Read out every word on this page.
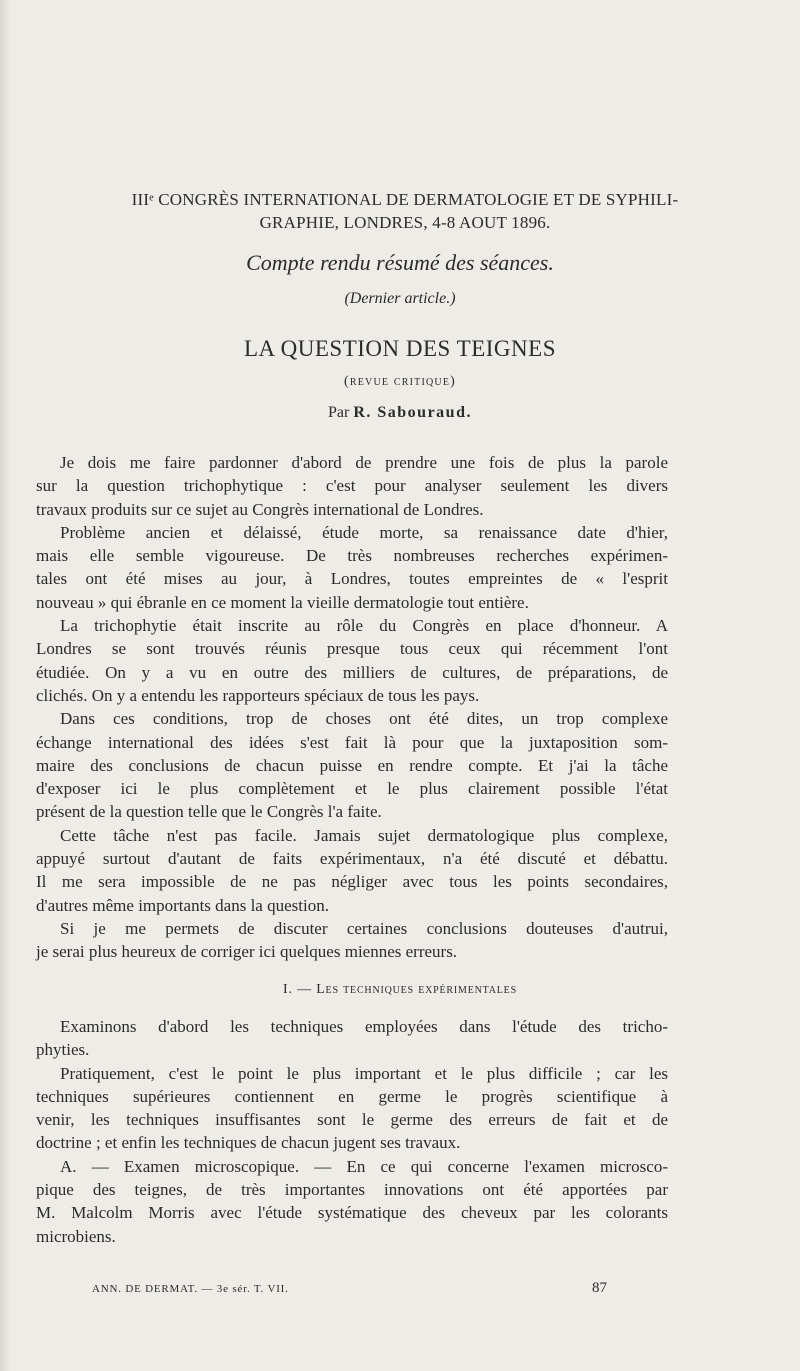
IIIᵉ CONGRÈS INTERNATIONAL DE DERMATOLOGIE ET DE SYPHILI-
GRAPHIE, LONDRES, 4-8 AOUT 1896.
Compte rendu résumé des séances.
(Dernier article.)
LA QUESTION DES TEIGNES
(revue critique)
Par R. Sabouraud.
Je dois me faire pardonner d'abord de prendre une fois de plus la parole
sur la question trichophytique : c'est pour analyser seulement les divers
travaux produits sur ce sujet au Congrès international de Londres.
Problème ancien et délaissé, étude morte, sa renaissance date d'hier,
mais elle semble vigoureuse. De très nombreuses recherches expérimen-
tales ont été mises au jour, à Londres, toutes empreintes de « l'esprit
nouveau » qui ébranle en ce moment la vieille dermatologie tout entière.
La trichophytie était inscrite au rôle du Congrès en place d'honneur. A
Londres se sont trouvés réunis presque tous ceux qui récemment l'ont
étudiée. On y a vu en outre des milliers de cultures, de préparations, de
clichés. On y a entendu les rapporteurs spéciaux de tous les pays.
Dans ces conditions, trop de choses ont été dites, un trop complexe
échange international des idées s'est fait là pour que la juxtaposition som-
maire des conclusions de chacun puisse en rendre compte. Et j'ai la tâche
d'exposer ici le plus complètement et le plus clairement possible l'état
présent de la question telle que le Congrès l'a faite.
Cette tâche n'est pas facile. Jamais sujet dermatologique plus complexe,
appuyé surtout d'autant de faits expérimentaux, n'a été discuté et débattu.
Il me sera impossible de ne pas négliger avec tous les points secondaires,
d'autres même importants dans la question.
Si je me permets de discuter certaines conclusions douteuses d'autrui,
je serai plus heureux de corriger ici quelques miennes erreurs.
I. — Les techniques expérimentales
Examinons d'abord les techniques employées dans l'étude des tricho-
phyties.
Pratiquement, c'est le point le plus important et le plus difficile ; car les
techniques supérieures contiennent en germe le progrès scientifique à
venir, les techniques insuffisantes sont le germe des erreurs de fait et de
doctrine ; et enfin les techniques de chacun jugent ses travaux.
A. — Examen microscopique. — En ce qui concerne l'examen microsco-
pique des teignes, de très importantes innovations ont été apportées par
M. Malcolm Morris avec l'étude systématique des cheveux par les colorants
microbiens.
ANN. DE DERMAT. — 3e sér. T. VII.	87
